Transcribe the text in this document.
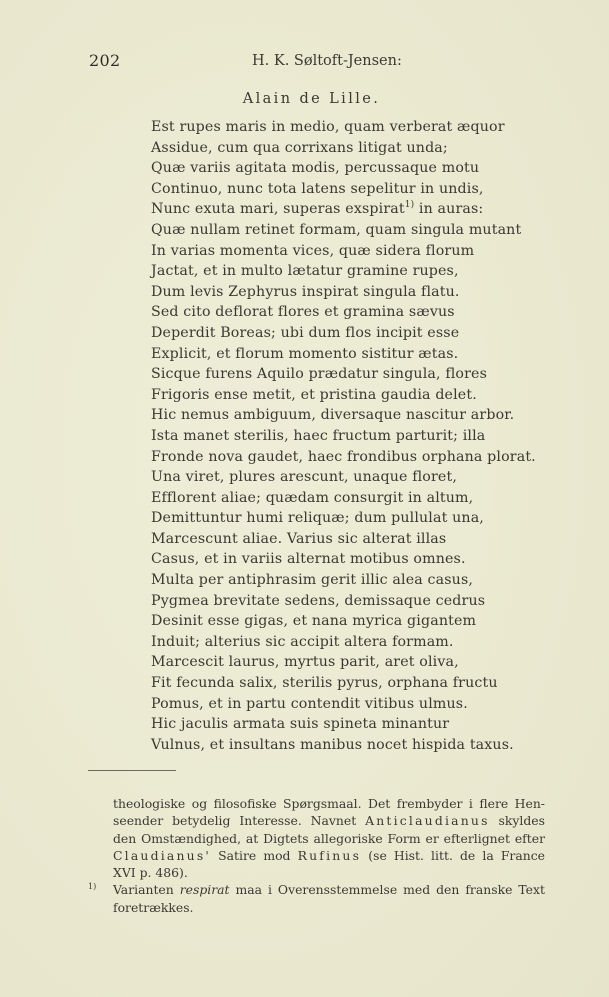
202	H. K. Søltoft-Jensen:
Alain de Lille.
Est rupes maris in medio, quam verberat æquor
Assidue, cum qua corrixans litigat unda;
Quæ variis agitata modis, percussaque motu
Continuo, nunc tota latens sepelitur in undis,
Nunc exuta mari, superas exspirat$^{1)}$ in auras:
Quæ nullam retinet formam, quam singula mutant
In varias momenta vices, quæ sidera florum
Jactat, et in multo lætatur gramine rupes,
Dum levis Zephyrus inspirat singula flatu.
Sed cito deflorat flores et gramina sævus
Deperdit Boreas; ubi dum flos incipit esse
Explicit, et florum momento sistitur ætas.
Sicque furens Aquilo prædatur singula, flores
Frigoris ense metit, et pristina gaudia delet.
Hic nemus ambiguum, diversaque nascitur arbor.
Ista manet sterilis, haec fructum parturit; illa
Fronde nova gaudet, haec frondibus orphana plorat.
Una viret, plures arescunt, unaque floret,
Efflorent aliae; quædam consurgit in altum,
Demittuntur humi reliquæ; dum pullulat una,
Marcescunt aliae. Varius sic alterat illas
Casus, et in variis alternat motibus omnes.
Multa per antiphrasim gerit illic alea casus,
Pygmea brevitate sedens, demissaque cedrus
Desinit esse gigas, et nana myrica gigantem
Induit; alterius sic accipit altera formam.
Marcescit laurus, myrtus parit, aret oliva,
Fit fecunda salix, sterilis pyrus, orphana fructu
Pomus, et in partu contendit vitibus ulmus.
Hic jaculis armata suis spineta minantur
Vulnus, et insultans manibus nocet hispida taxus.
theologiske og filosofiske Spørgsmaal. Det frembyder i flere Hen-
seender betydelig Interesse. Navnet Anticlaudianus skyldes
den Omstændighed, at Digtets allegoriske Form er efterlignet efter
Claudianus' Satire mod Rufinus (se Hist. litt. de la France
XVI p. 486).
$^{1)}$ Varianten respirat maa i Overensstemmelse med den franske Text
foretrækkes.
